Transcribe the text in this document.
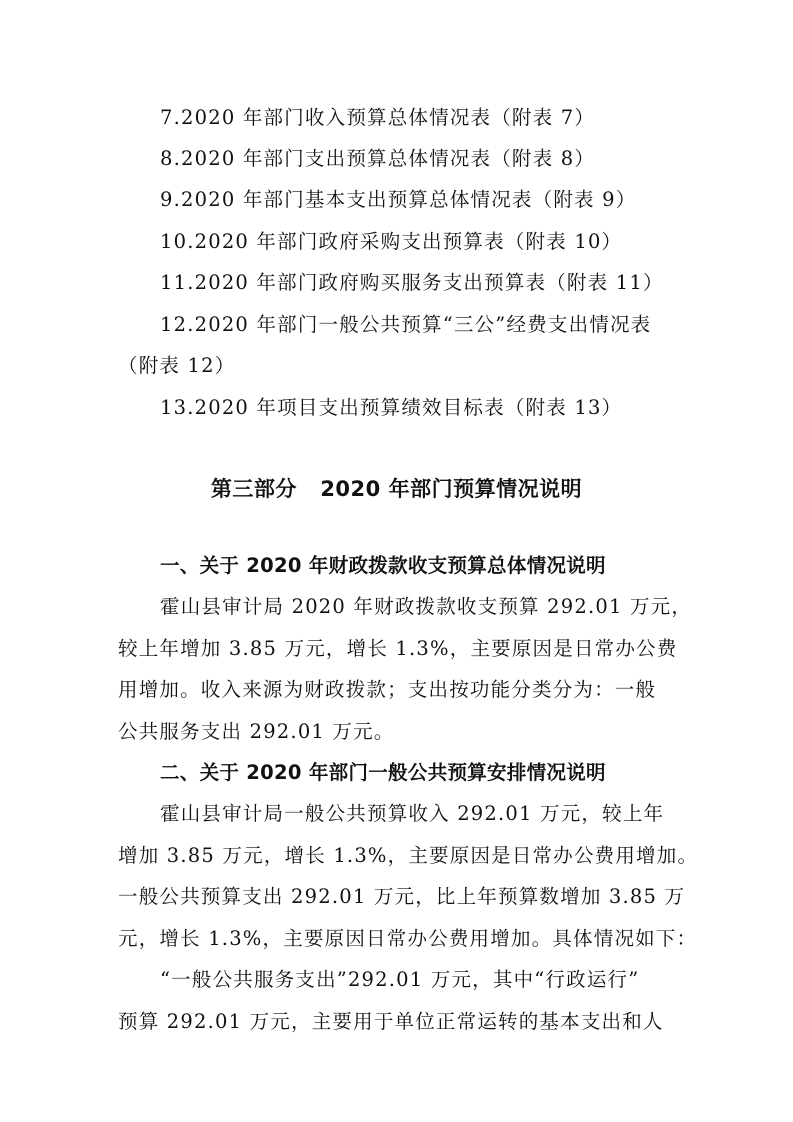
7.2020 年部门收入预算总体情况表（附表 7）
8.2020 年部门支出预算总体情况表（附表 8）
9.2020 年部门基本支出预算总体情况表（附表 9）
10.2020 年部门政府采购支出预算表（附表 10）
11.2020 年部门政府购买服务支出预算表（附表 11）
12.2020 年部门一般公共预算“三公”经费支出情况表
（附表 12）
13.2020 年项目支出预算绩效目标表（附表 13）
第三部分   2020 年部门预算情况说明
一、关于 2020 年财政拨款收支预算总体情况说明
霍山县审计局 2020 年财政拨款收支预算 292.01 万元，
较上年增加 3.85 万元，增长 1.3%，主要原因是日常办公费
用增加。收入来源为财政拨款；支出按功能分类分为：一般
公共服务支出 292.01 万元。
二、关于 2020 年部门一般公共预算安排情况说明
霍山县审计局一般公共预算收入 292.01 万元，较上年
增加 3.85 万元，增长 1.3%，主要原因是日常办公费用增加。
一般公共预算支出 292.01 万元，比上年预算数增加 3.85 万
元，增长 1.3%，主要原因日常办公费用增加。具体情况如下：
“一般公共服务支出”292.01 万元，其中“行政运行”
预算 292.01 万元，主要用于单位正常运转的基本支出和人
